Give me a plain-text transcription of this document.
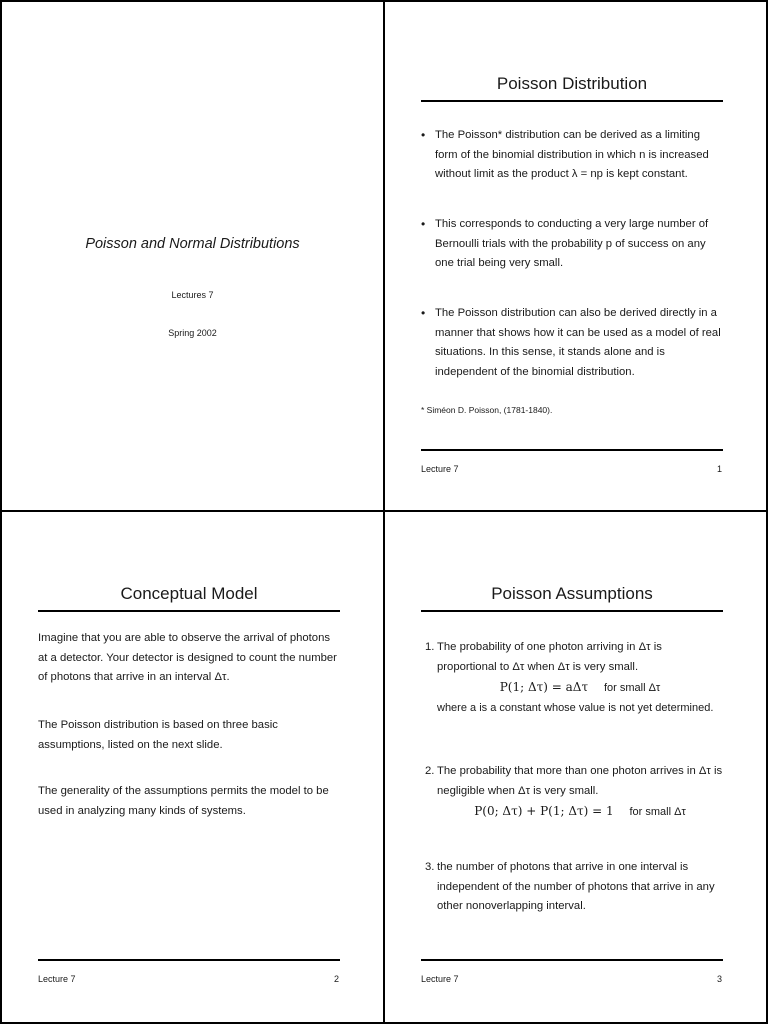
Poisson and Normal Distributions
Lectures 7
Spring 2002
Poisson Distribution
• The Poisson* distribution can be derived as a limiting form of the binomial distribution in which n is increased without limit as the product λ = np is kept constant.
• This corresponds to conducting a very large number of Bernoulli trials with the probability p of success on any one trial being very small.
• The Poisson distribution can also be derived directly in a manner that shows how it can be used as a model of real situations. In this sense, it stands alone and is independent of the binomial distribution.
* Siméon D. Poisson, (1781-1840).
Lecture 7	1
Conceptual Model
Imagine that you are able to observe the arrival of photons at a detector. Your detector is designed to count the number of photons that arrive in an interval Δτ.
The Poisson distribution is based on three basic assumptions, listed on the next slide.
The generality of the assumptions permits the model to be used in analyzing many kinds of systems.
Lecture 7	2
Poisson Assumptions
1. The probability of one photon arriving in Δτ is proportional to Δτ when Δτ is very small.
P(1; Δτ) = aΔτ for small Δτ
where a is a constant whose value is not yet determined.
2. The probability that more than one photon arrives in Δτ is negligible when Δτ is very small.
P(0; Δτ) + P(1; Δτ) = 1 for small Δτ
3. the number of photons that arrive in one interval is independent of the number of photons that arrive in any other nonoverlapping interval.
Lecture 7	3
